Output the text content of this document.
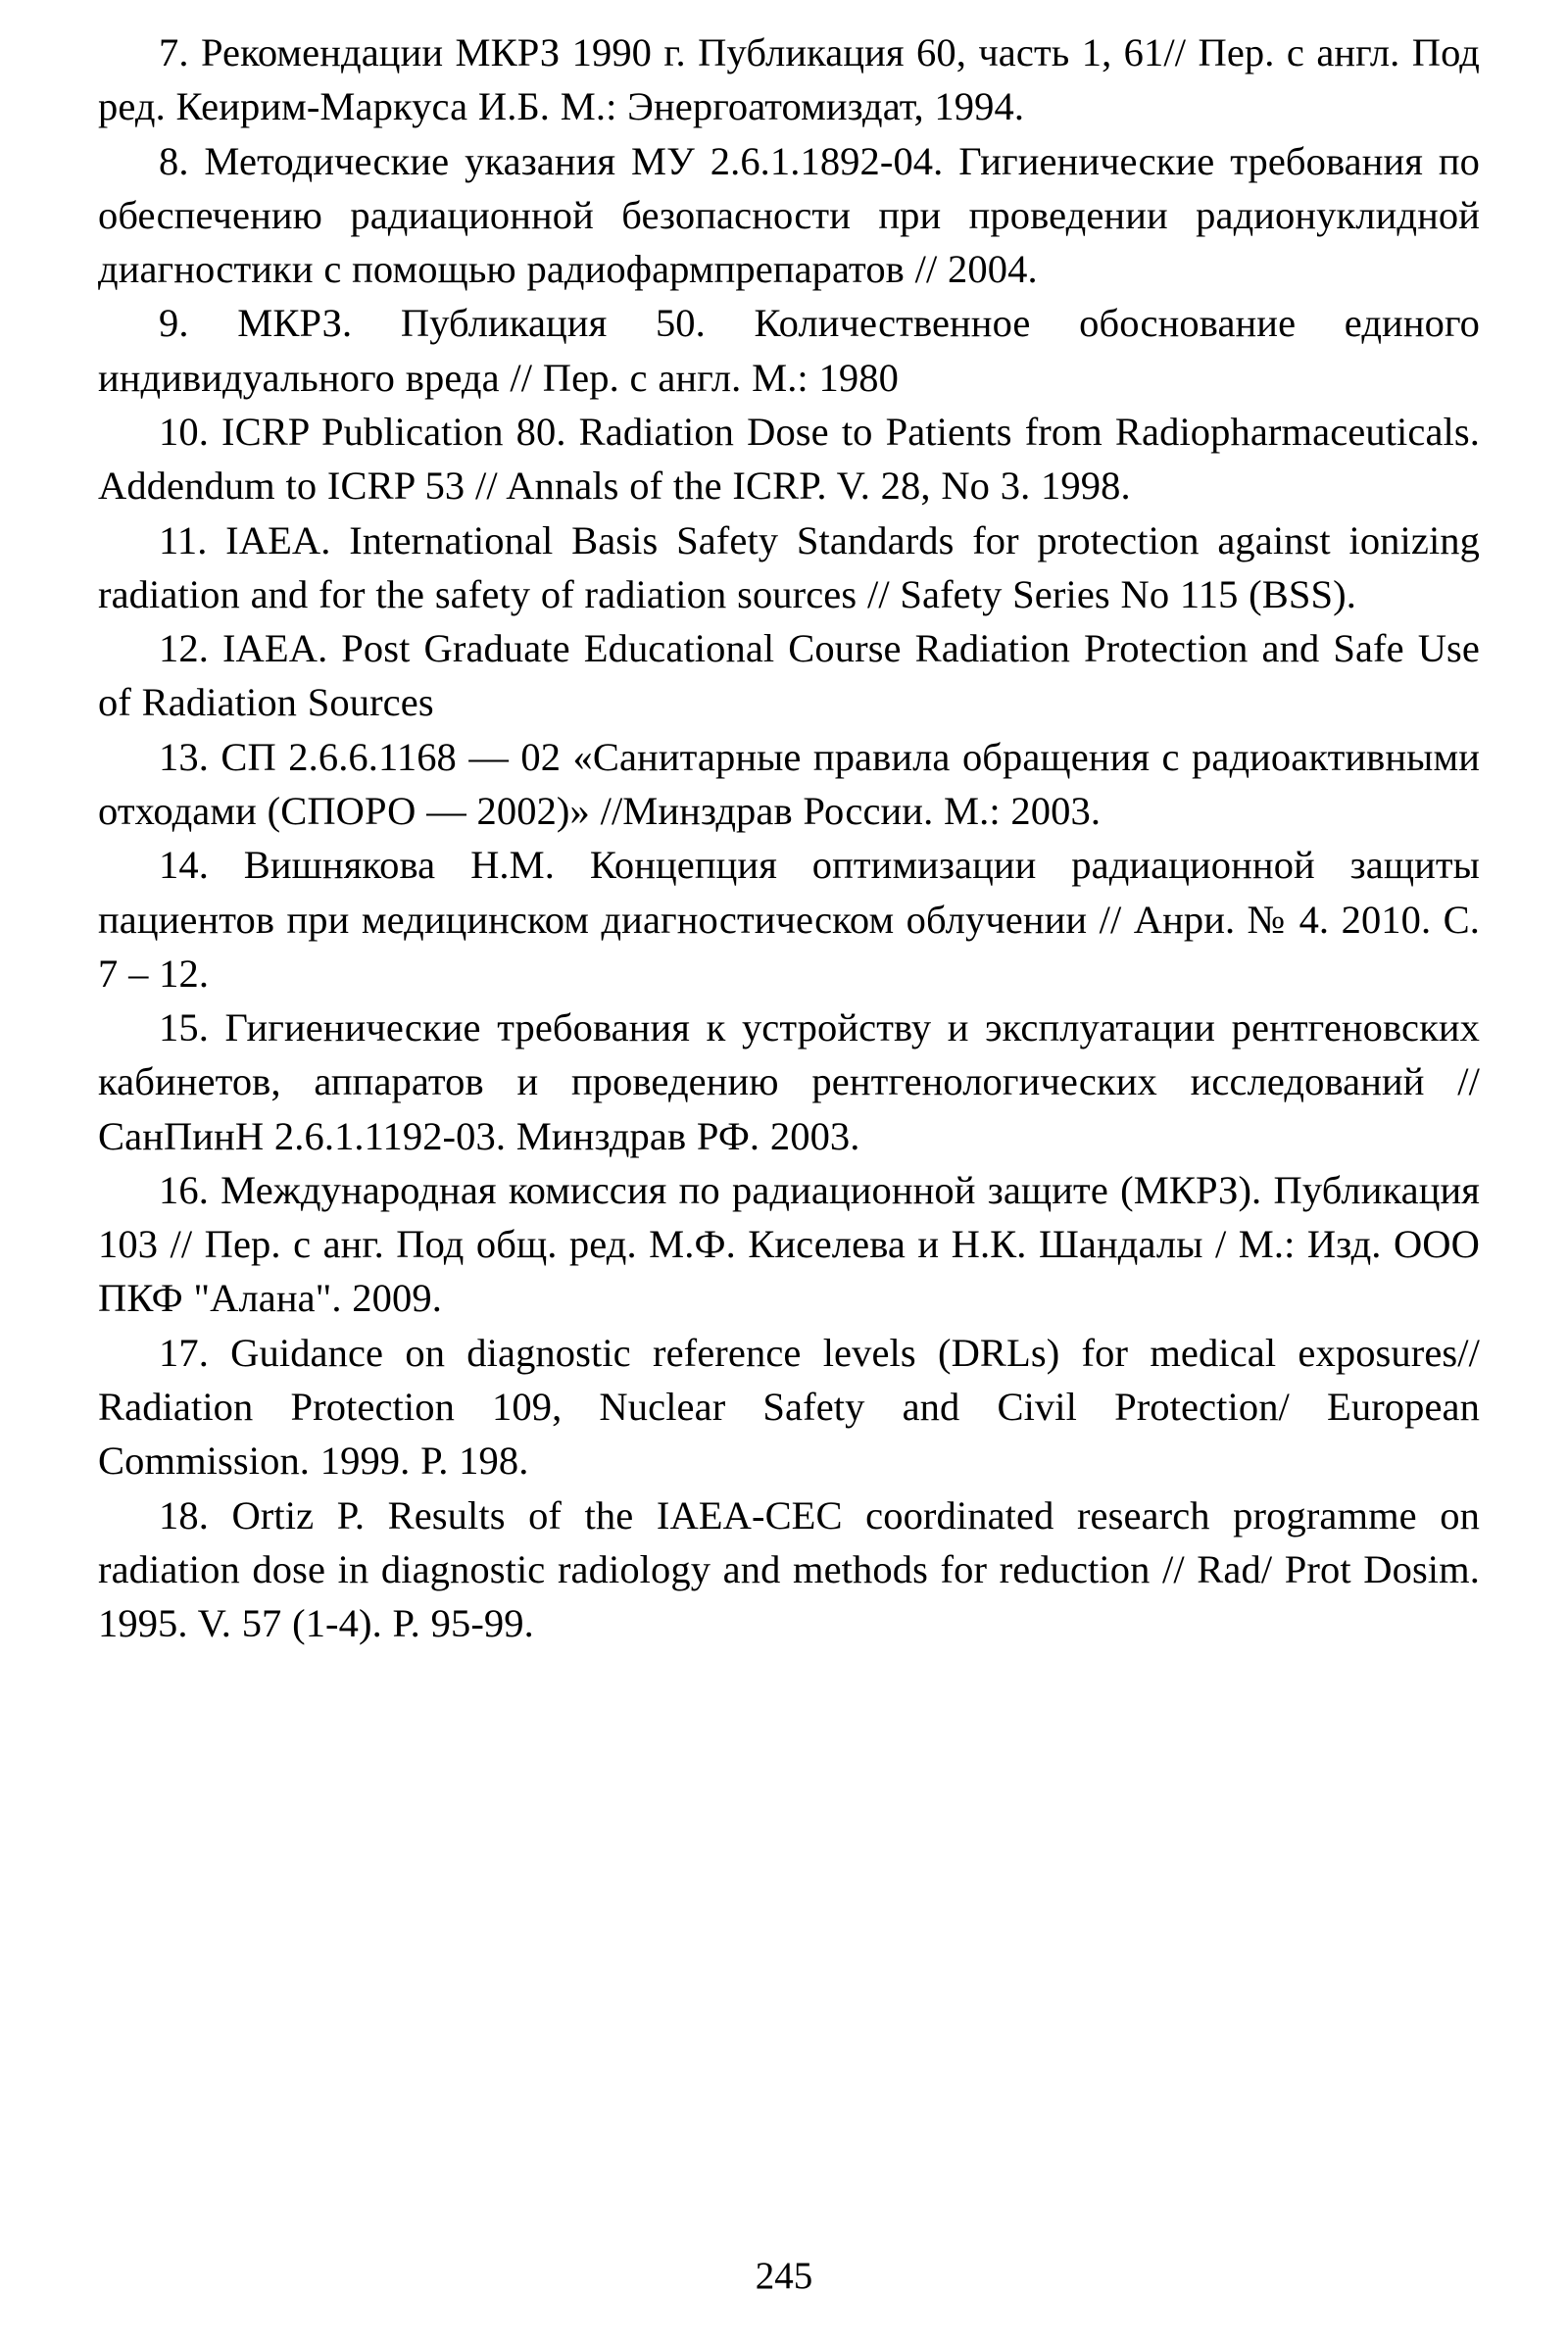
7. Рекомендации МКРЗ 1990 г. Публикация 60, часть 1, 61// Пер. с англ. Под ред. Кеирим-Маркуса И.Б. М.: Энергоатомиздат, 1994.

8. Методические указания МУ 2.6.1.1892-04. Гигиенические требования по обеспечению радиационной безопасности при проведении радионуклидной диагностики с помощью радиофармпрепаратов // 2004.

9. МКРЗ. Публикация 50. Количественное обоснование единого индивидуального вреда // Пер. с англ. М.: 1980

10. ICRP Publication 80. Radiation Dose to Patients from Radiopharmaceuticals. Addendum to ICRP 53 // Annals of the ICRP. V. 28, No 3. 1998.

11. IAEA. International Basis Safety Standards for protection against ionizing radiation and for the safety of radiation sources // Safety Series No 115 (BSS).

12. IAEA. Post Graduate Educational Course Radiation Protection and Safe Use of Radiation Sources

13. СП 2.6.6.1168 — 02 «Санитарные правила обращения с радиоактивными отходами (СПОРО — 2002)» //Минздрав России. М.: 2003.

14. Вишнякова Н.М. Концепция оптимизации радиационной защиты пациентов при медицинском диагностическом облучении // Анри. № 4. 2010. С. 7 – 12.

15. Гигиенические требования к устройству и эксплуатации рентгеновских кабинетов, аппаратов и проведению рентгенологических исследований // СанПинН 2.6.1.1192-03. Минздрав РФ. 2003.

16. Международная комиссия по радиационной защите (МКРЗ). Публикация 103 // Пер. с анг. Под общ. ред. М.Ф. Киселева и Н.К. Шандалы / М.: Изд. ООО ПКФ "Алана". 2009.

17. Guidance on diagnostic reference levels (DRLs) for medical exposures// Radiation Protection 109, Nuclear Safety and Civil Protection/ European Commission. 1999. P. 198.

18. Ortiz P. Results of the IAEA-CEC coordinated research programme on radiation dose in diagnostic radiology and methods for reduction // Rad/ Prot Dosim. 1995. V. 57 (1-4). P. 95-99.

245
